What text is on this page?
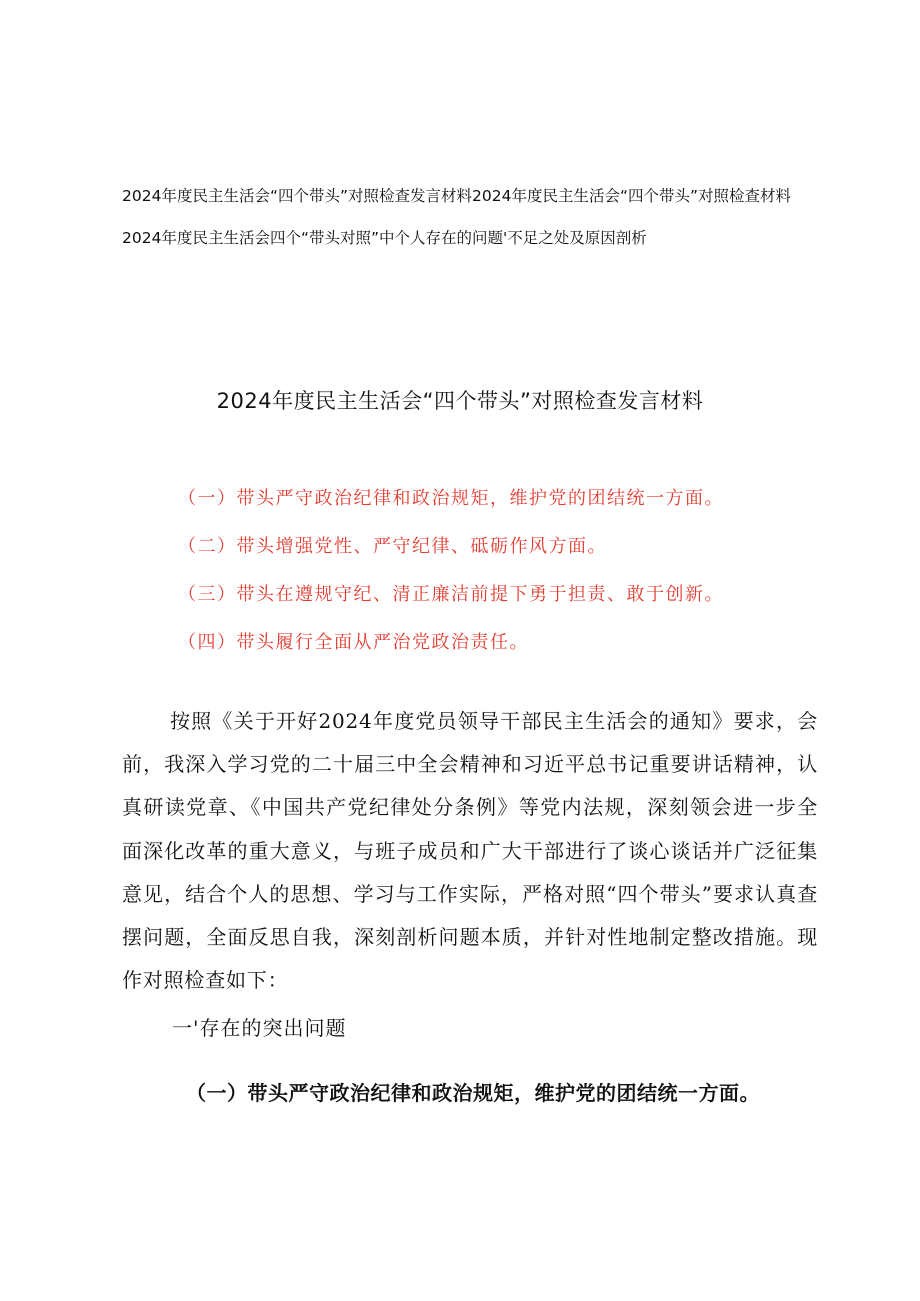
2024年度民主生活会“四个带头”对照检查发言材料2024年度民主生活会“四个带头”对照检查材料
2024年度民主生活会四个“带头对照”中个人存在的问题'不足之处及原因剖析
2024年度民主生活会“四个带头”对照检查发言材料
（一）带头严守政治纪律和政治规矩，维护党的团结统一方面。
（二）带头增强党性、严守纪律、砥砺作风方面。
（三）带头在遵规守纪、清正廉洁前提下勇于担责、敢于创新。
（四）带头履行全面从严治党政治责任。
按照《关于开好2024年度党员领导干部民主生活会的通知》要求，会前，我深入学习党的二十届三中全会精神和习近平总书记重要讲话精神，认真研读党章、《中国共产党纪律处分条例》等党内法规，深刻领会进一步全面深化改革的重大意义，与班子成员和广大干部进行了谈心谈话并广泛征集意见，结合个人的思想、学习与工作实际，严格对照“四个带头”要求认真查摆问题，全面反思自我，深刻剖析问题本质，并针对性地制定整改措施。现作对照检查如下：
一'存在的突出问题
（一）带头严守政治纪律和政治规矩，维护党的团结统一方面。
